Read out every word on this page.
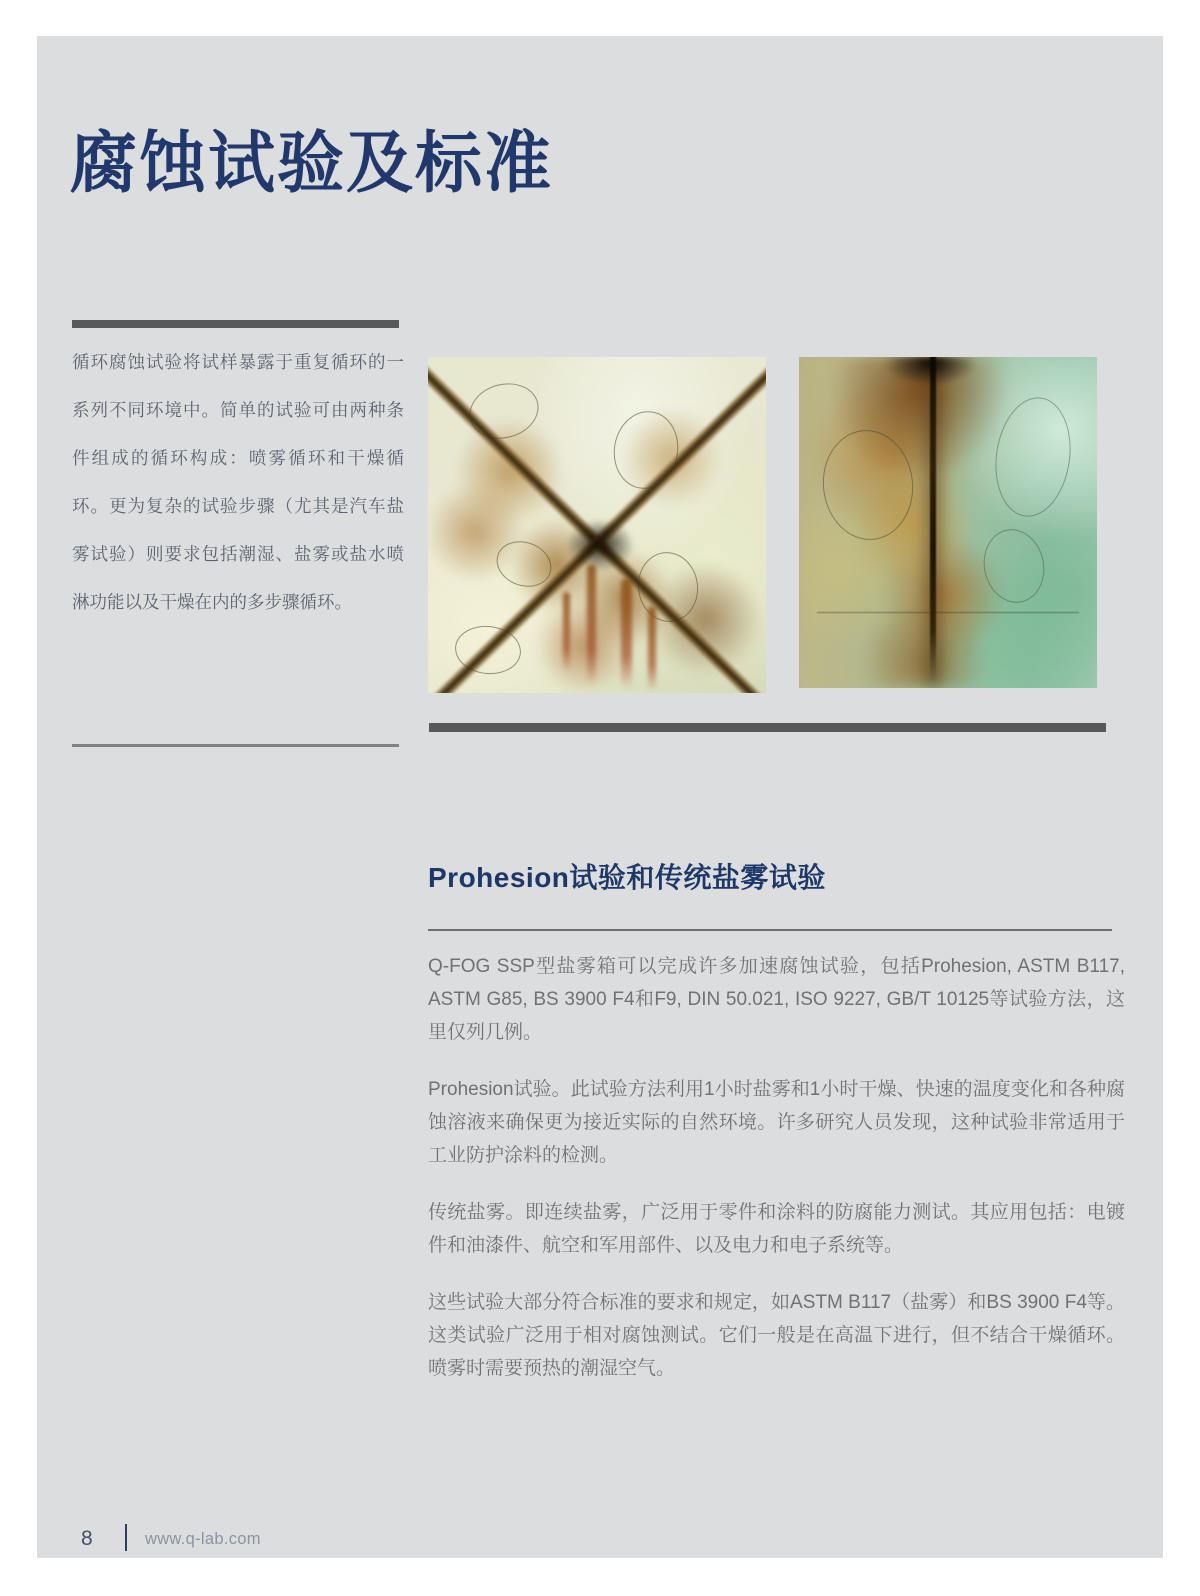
腐蚀试验及标准

循环腐蚀试验将试样暴露于重复循环的一系列不同环境中。简单的试验可由两种条件组成的循环构成：喷雾循环和干燥循环。更为复杂的试验步骤（尤其是汽车盐雾试验）则要求包括潮湿、盐雾或盐水喷淋功能以及干燥在内的多步骤循环。

Prohesion试验和传统盐雾试验

Q-FOG SSP型盐雾箱可以完成许多加速腐蚀试验，包括Prohesion, ASTM B117, ASTM G85, BS 3900 F4和F9, DIN 50.021, ISO 9227, GB/T 10125等试验方法，这里仅列几例。

Prohesion试验。此试验方法利用1小时盐雾和1小时干燥、快速的温度变化和各种腐蚀溶液来确保更为接近实际的自然环境。许多研究人员发现，这种试验非常适用于工业防护涂料的检测。

传统盐雾。即连续盐雾，广泛用于零件和涂料的防腐能力测试。其应用包括：电镀件和油漆件、航空和军用部件、以及电力和电子系统等。

这些试验大部分符合标准的要求和规定，如ASTM B117（盐雾）和BS 3900 F4等。这类试验广泛用于相对腐蚀测试。它们一般是在高温下进行，但不结合干燥循环。喷雾时需要预热的潮湿空气。

8	www.q-lab.com
